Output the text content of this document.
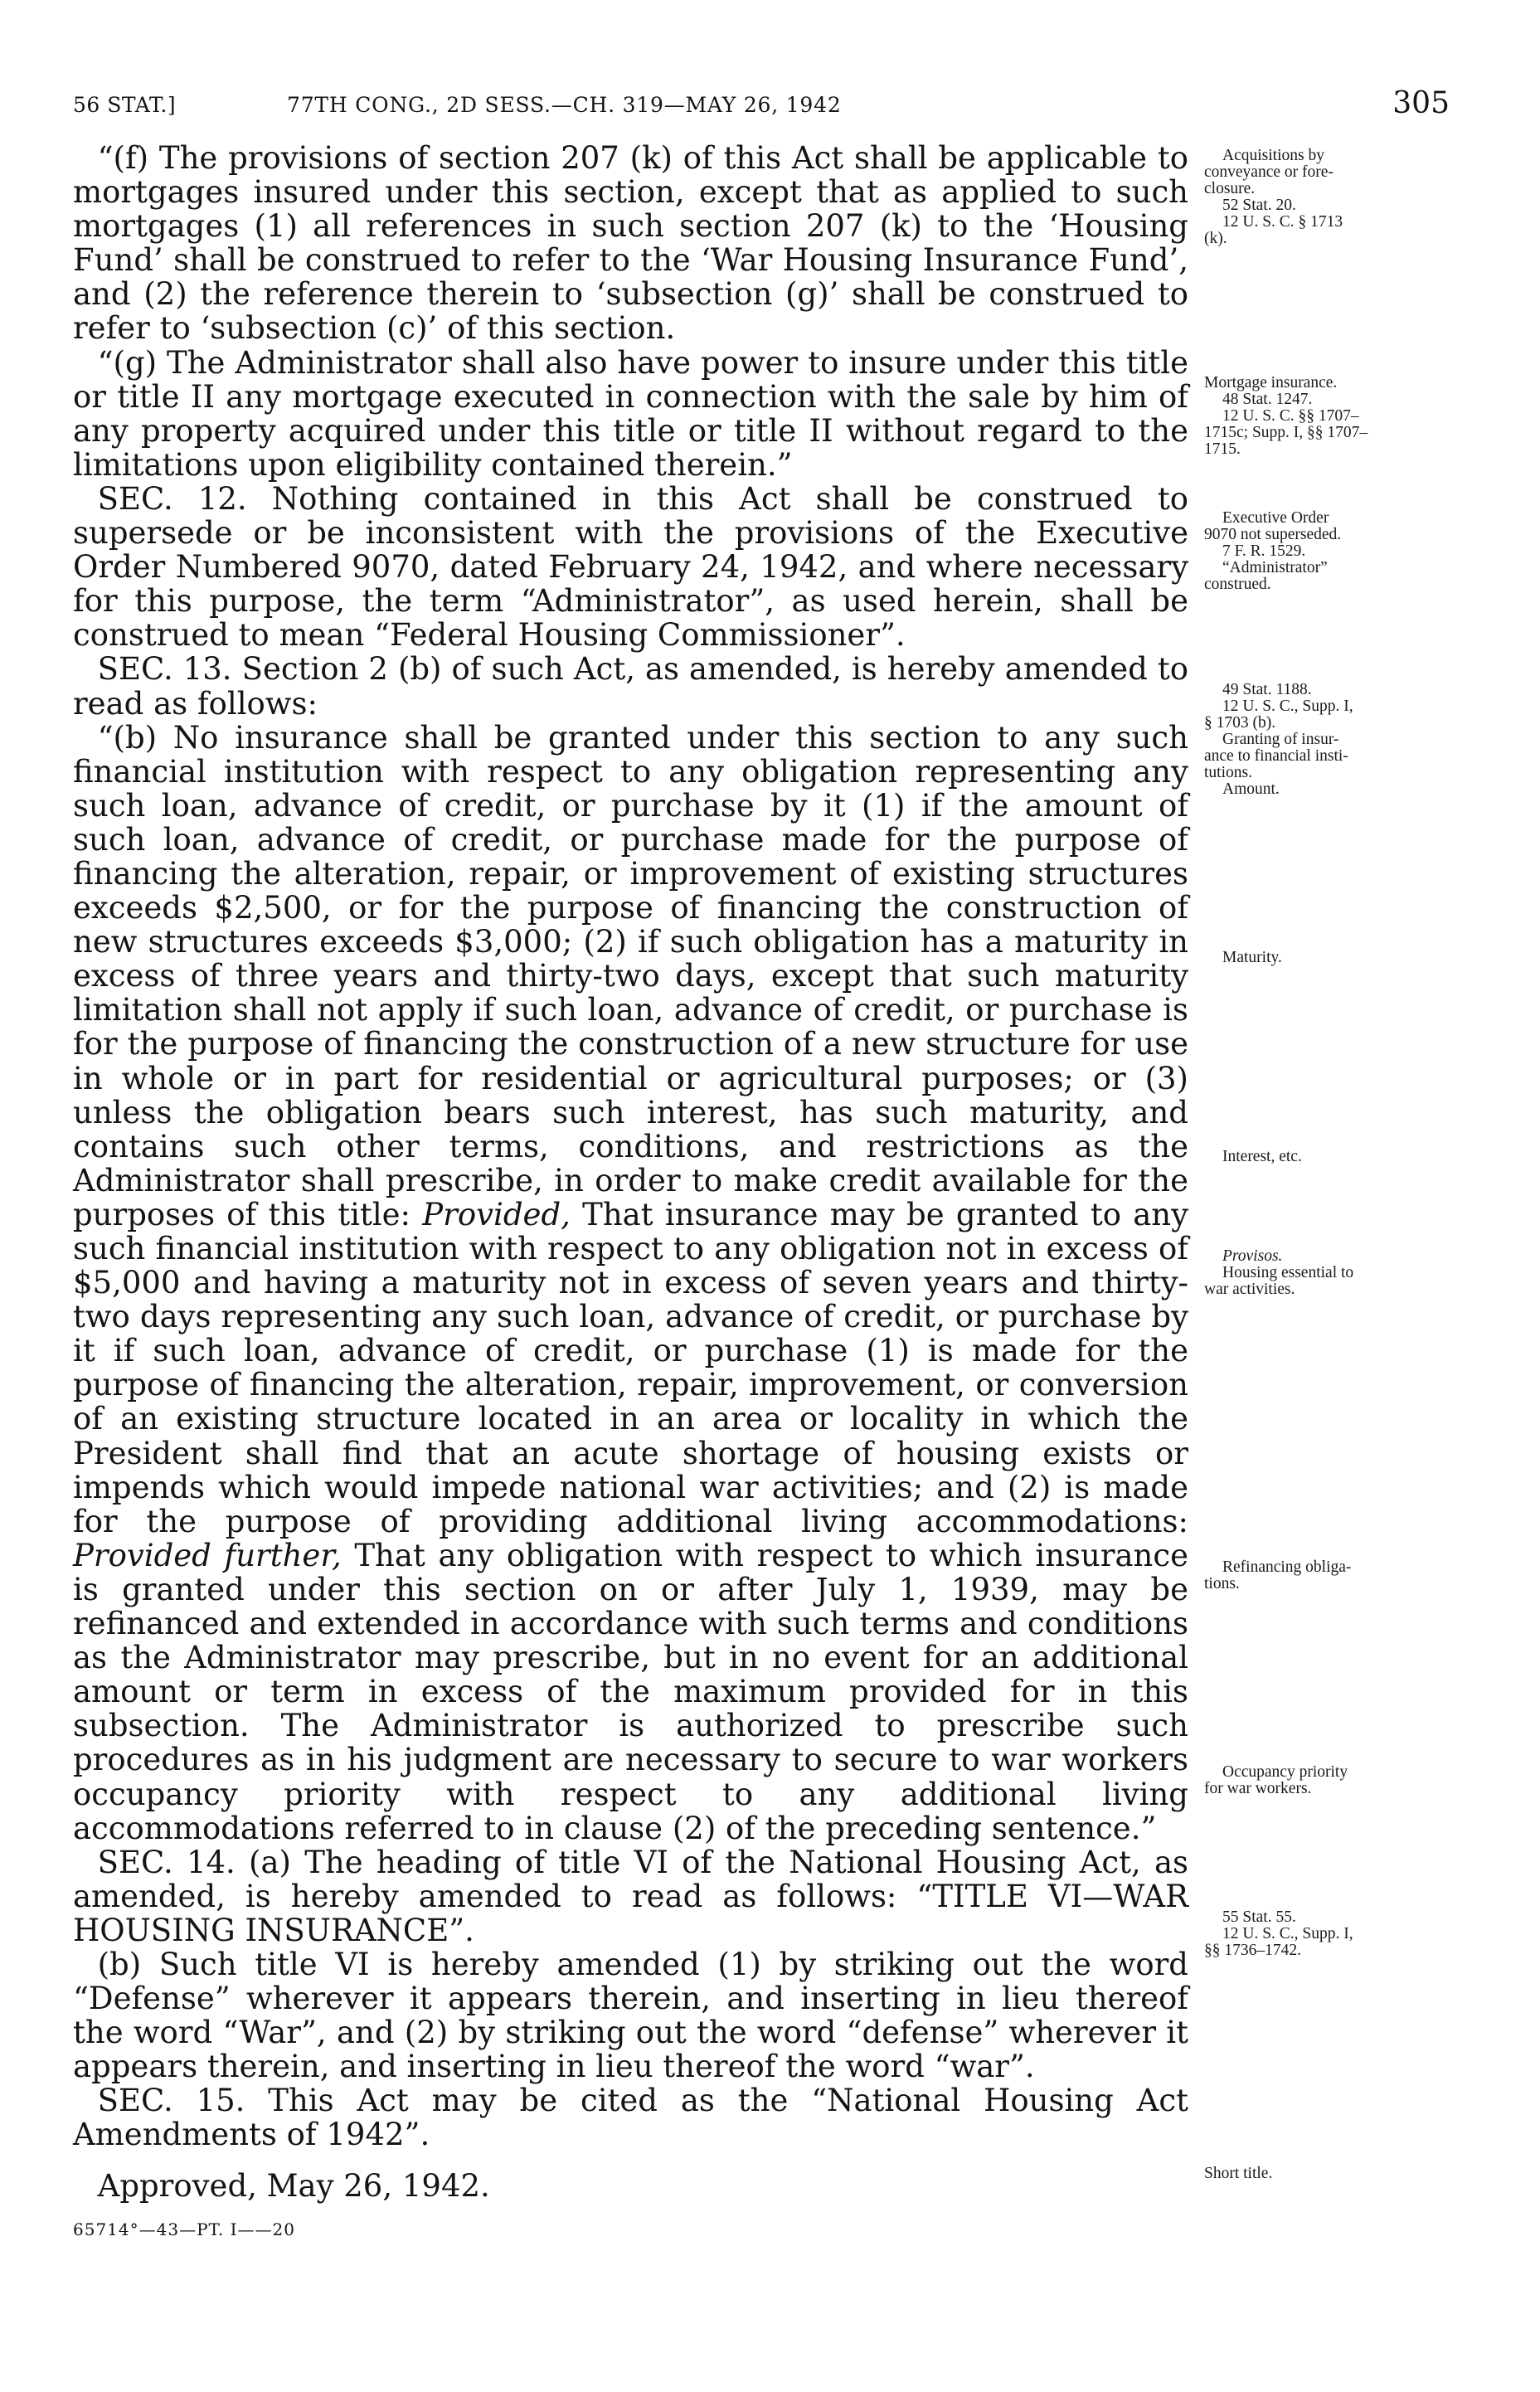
56 STAT.]	77TH CONG., 2D SESS.—CH. 319—MAY 26, 1942	305

“(f) The provisions of section 207 (k) of this Act shall be applicable to mortgages insured under this section, except that as applied to such mortgages (1) all references in such section 207 (k) to the ‘Housing Fund’ shall be construed to refer to the ‘War Housing Insurance Fund’, and (2) the reference therein to ‘subsection (g)’ shall be construed to refer to ‘subsection (c)’ of this section.

“(g) The Administrator shall also have power to insure under this title or title II any mortgage executed in connection with the sale by him of any property acquired under this title or title II without regard to the limitations upon eligibility contained therein.”

SEC. 12. Nothing contained in this Act shall be construed to supersede or be inconsistent with the provisions of the Executive Order Numbered 9070, dated February 24, 1942, and where necessary for this purpose, the term “Administrator”, as used herein, shall be construed to mean “Federal Housing Commissioner”.

SEC. 13. Section 2 (b) of such Act, as amended, is hereby amended to read as follows:

“(b) No insurance shall be granted under this section to any such financial institution with respect to any obligation representing any such loan, advance of credit, or purchase by it (1) if the amount of such loan, advance of credit, or purchase made for the purpose of financing the alteration, repair, or improvement of existing structures exceeds $2,500, or for the purpose of financing the construction of new structures exceeds $3,000; (2) if such obligation has a maturity in excess of three years and thirty-two days, except that such maturity limitation shall not apply if such loan, advance of credit, or purchase is for the purpose of financing the construction of a new structure for use in whole or in part for residential or agricultural purposes; or (3) unless the obligation bears such interest, has such maturity, and contains such other terms, conditions, and restrictions as the Administrator shall prescribe, in order to make credit available for the purposes of this title: Provided, That insurance may be granted to any such financial institution with respect to any obligation not in excess of $5,000 and having a maturity not in excess of seven years and thirty-two days representing any such loan, advance of credit, or purchase by it if such loan, advance of credit, or purchase (1) is made for the purpose of financing the alteration, repair, improvement, or conversion of an existing structure located in an area or locality in which the President shall find that an acute shortage of housing exists or impends which would impede national war activities; and (2) is made for the purpose of providing additional living accommodations: Provided further, That any obligation with respect to which insurance is granted under this section on or after July 1, 1939, may be refinanced and extended in accordance with such terms and conditions as the Administrator may prescribe, but in no event for an additional amount or term in excess of the maximum provided for in this subsection. The Administrator is authorized to prescribe such procedures as in his judgment are necessary to secure to war workers occupancy priority with respect to any additional living accommodations referred to in clause (2) of the preceding sentence.”

SEC. 14. (a) The heading of title VI of the National Housing Act, as amended, is hereby amended to read as follows: “TITLE VI—WAR HOUSING INSURANCE”.

(b) Such title VI is hereby amended (1) by striking out the word “Defense” wherever it appears therein, and inserting in lieu thereof the word “War”, and (2) by striking out the word “defense” wherever it appears therein, and inserting in lieu thereof the word “war”.

SEC. 15. This Act may be cited as the “National Housing Act Amendments of 1942”.

Approved, May 26, 1942.

65714°—43—PT. I——20

Acquisitions by
conveyance or fore-
closure.
52 Stat. 20.
12 U. S. C. § 1713
(k).
Mortgage insurance.
48 Stat. 1247.
12 U. S. C. §§ 1707–
1715c; Supp. I, §§ 1707–
1715.
Executive Order
9070 not superseded.
7 F. R. 1529.
“Administrator”
construed.
49 Stat. 1188.
12 U. S. C., Supp. I,
§ 1703 (b).
Granting of insur-
ance to financial insti-
tutions.
Amount.
Maturity.
Interest, etc.
Provisos.
Housing essential to
war activities.
Refinancing obliga-
tions.
Occupancy priority
for war workers.
55 Stat. 55.
12 U. S. C., Supp. I,
§§ 1736–1742.
Short title.
